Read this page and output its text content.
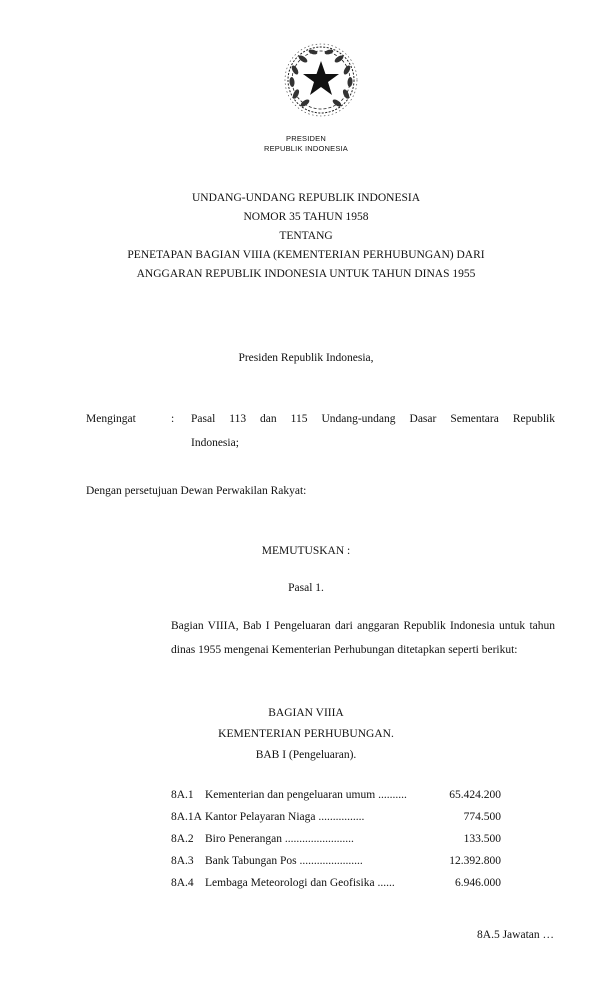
PRESIDEN
REPUBLIK INDONESIA
UNDANG-UNDANG REPUBLIK INDONESIA
NOMOR 35 TAHUN 1958
TENTANG
PENETAPAN BAGIAN VIIIA (KEMENTERIAN PERHUBUNGAN) DARI
ANGGARAN REPUBLIK INDONESIA UNTUK TAHUN DINAS 1955
Presiden Republik Indonesia,
Mengingat	: Pasal 113 dan 115 Undang-undang Dasar Sementara Republik
Indonesia;
Dengan persetujuan Dewan Perwakilan Rakyat:
MEMUTUSKAN :
Pasal 1.
Bagian VIIIA, Bab I Pengeluaran dari anggaran Republik Indonesia untuk tahun dinas 1955 mengenai Kementerian Perhubungan ditetapkan seperti berikut:
BAGIAN VIIIA
KEMENTERIAN PERHUBUNGAN.
BAB I (Pengeluaran).
8A.1 Kementerian dan pengeluaran umum ..........	65.424.200
8A.1A Kantor Pelayaran Niaga ................	774.500
8A.2 Biro Penerangan ........................	133.500
8A.3 Bank Tabungan Pos ......................	12.392.800
8A.4 Lembaga Meteorologi dan Geofisika ......	6.946.000
8A.5 Jawatan …
